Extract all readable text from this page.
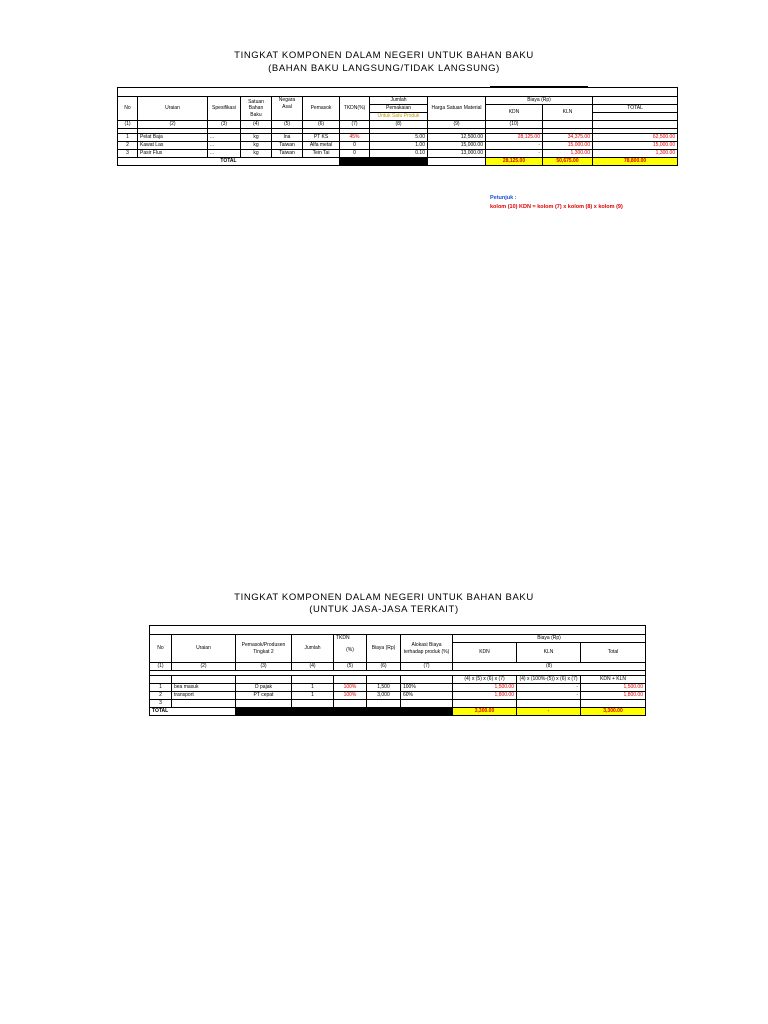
TINGKAT KOMPONEN DALAM NEGERI UNTUK BAHAN BAKU
(BAHAN BAKU LANGSUNG/TIDAK LANGSUNG)

No	Uraian	Spesifikasi	Satuan Bahan Baku	Negara Asal	Pemasok	TKDN(%)	Jumlah	Harga Satuan Material	Biaya (Rp)		
							Pemakaian		KDN	KLN	TOTAL
							Untuk Satu Produk				
(1)	(2)	(3)	(4)	(5)	(6)	(7)	(8)	(9)	(10)		

1	Pelat Baja	...	kg	Ina	PT KS	45%	5.00	12,500.00	28,125.00	34,375.00	62,500.00
2	Kawat Las	...	kg	Taiwan	Alfa metal	0	1.00	15,000.00	-	15,000.00	15,000.00
3	Pasir Flux	...	kg	Taiwan	Tein Tai	0	0.10	13,000.00	-	1,300.00	1,300.00
TOTAL									28,125.00	50,675.00	78,800.00
Petunjuk :
kolom (10) KDN = kolom (7) x kolom (8) x kolom (9)
TINGKAT KOMPONEN DALAM NEGERI UNTUK BAHAN BAKU
(UNTUK JASA-JASA TERKAIT)

No	Uraian	Pemasok/Produsen Tingkat 2	Jumlah	TKDN
(%)	Biaya (Rp)	Alokasi Biaya terhadap produk (%)	Biaya (Rp)		
							KDN	KLN	Total
(1)	(2)	(3)	(4)	(5)	(6)	(7)	(8)		

							(4) x (5) x (6) x (7)	(4) x (100%-(5)) x (6) x (7)	KDN + KLN
1	bea masuk	D pajak	1	100%	1,500	100%	1,500.00	-	1,500.00
2	transport	PT cepat	1	100%	3,000	60%	1,800.00	-	1,800.00
3									
TOTAL							3,300.00	-	3,300.00
